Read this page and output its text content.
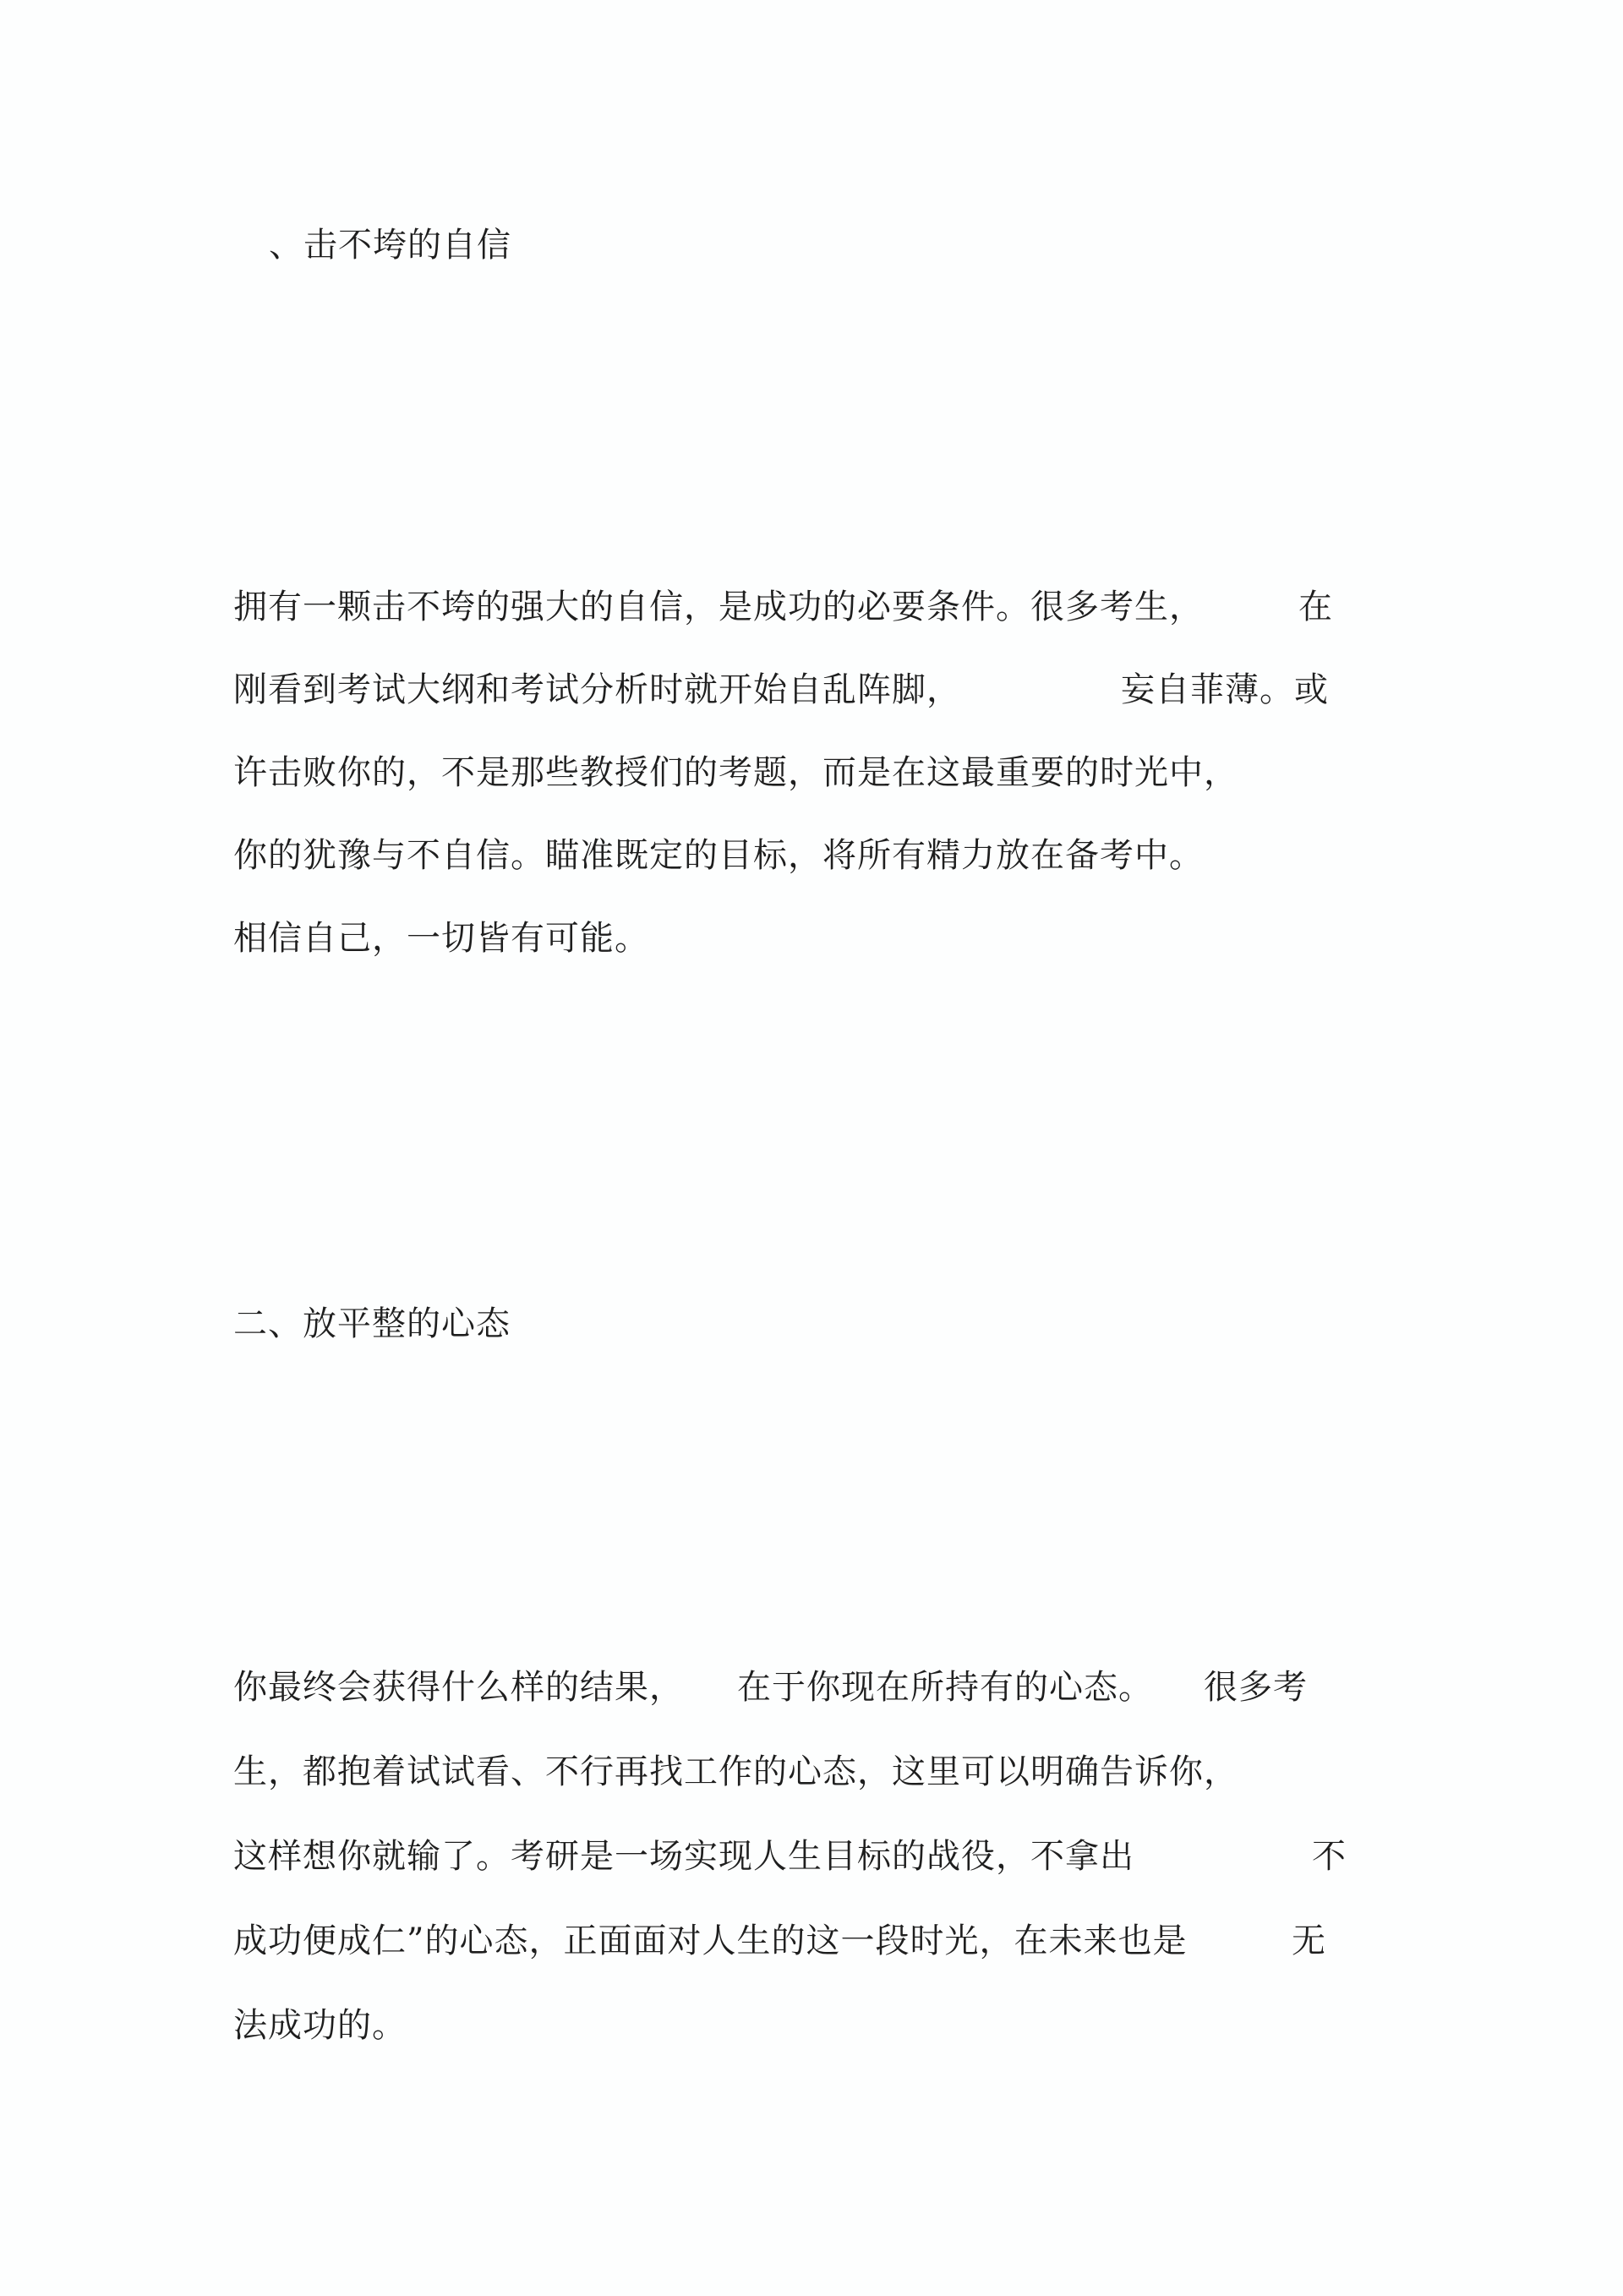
、击不垮的自信
拥有一颗击不垮的强大的自信，是成功的必要条件。很多考生，	在
刚看到考试大纲和考试分析时就开始自乱阵脚，	妄自菲薄。或
许击败你的，不是那些教授们的考题，而是在这最重要的时光中，
你的犹豫与不自信。瞄准既定的目标，将所有精力放在备考中。
相信自己，一切皆有可能。
二、放平整的心态
你最终会获得什么样的结果， 在于你现在所持有的心态。 很多考
生，都抱着试试看、不行再找工作的心态，这里可以明确告诉你，
这样想你就输了。考研是一场实现人生目标的战役，不拿出	不
成功便成仁”的心态，正面面对人生的这一段时光，在未来也是	无
法成功的。
